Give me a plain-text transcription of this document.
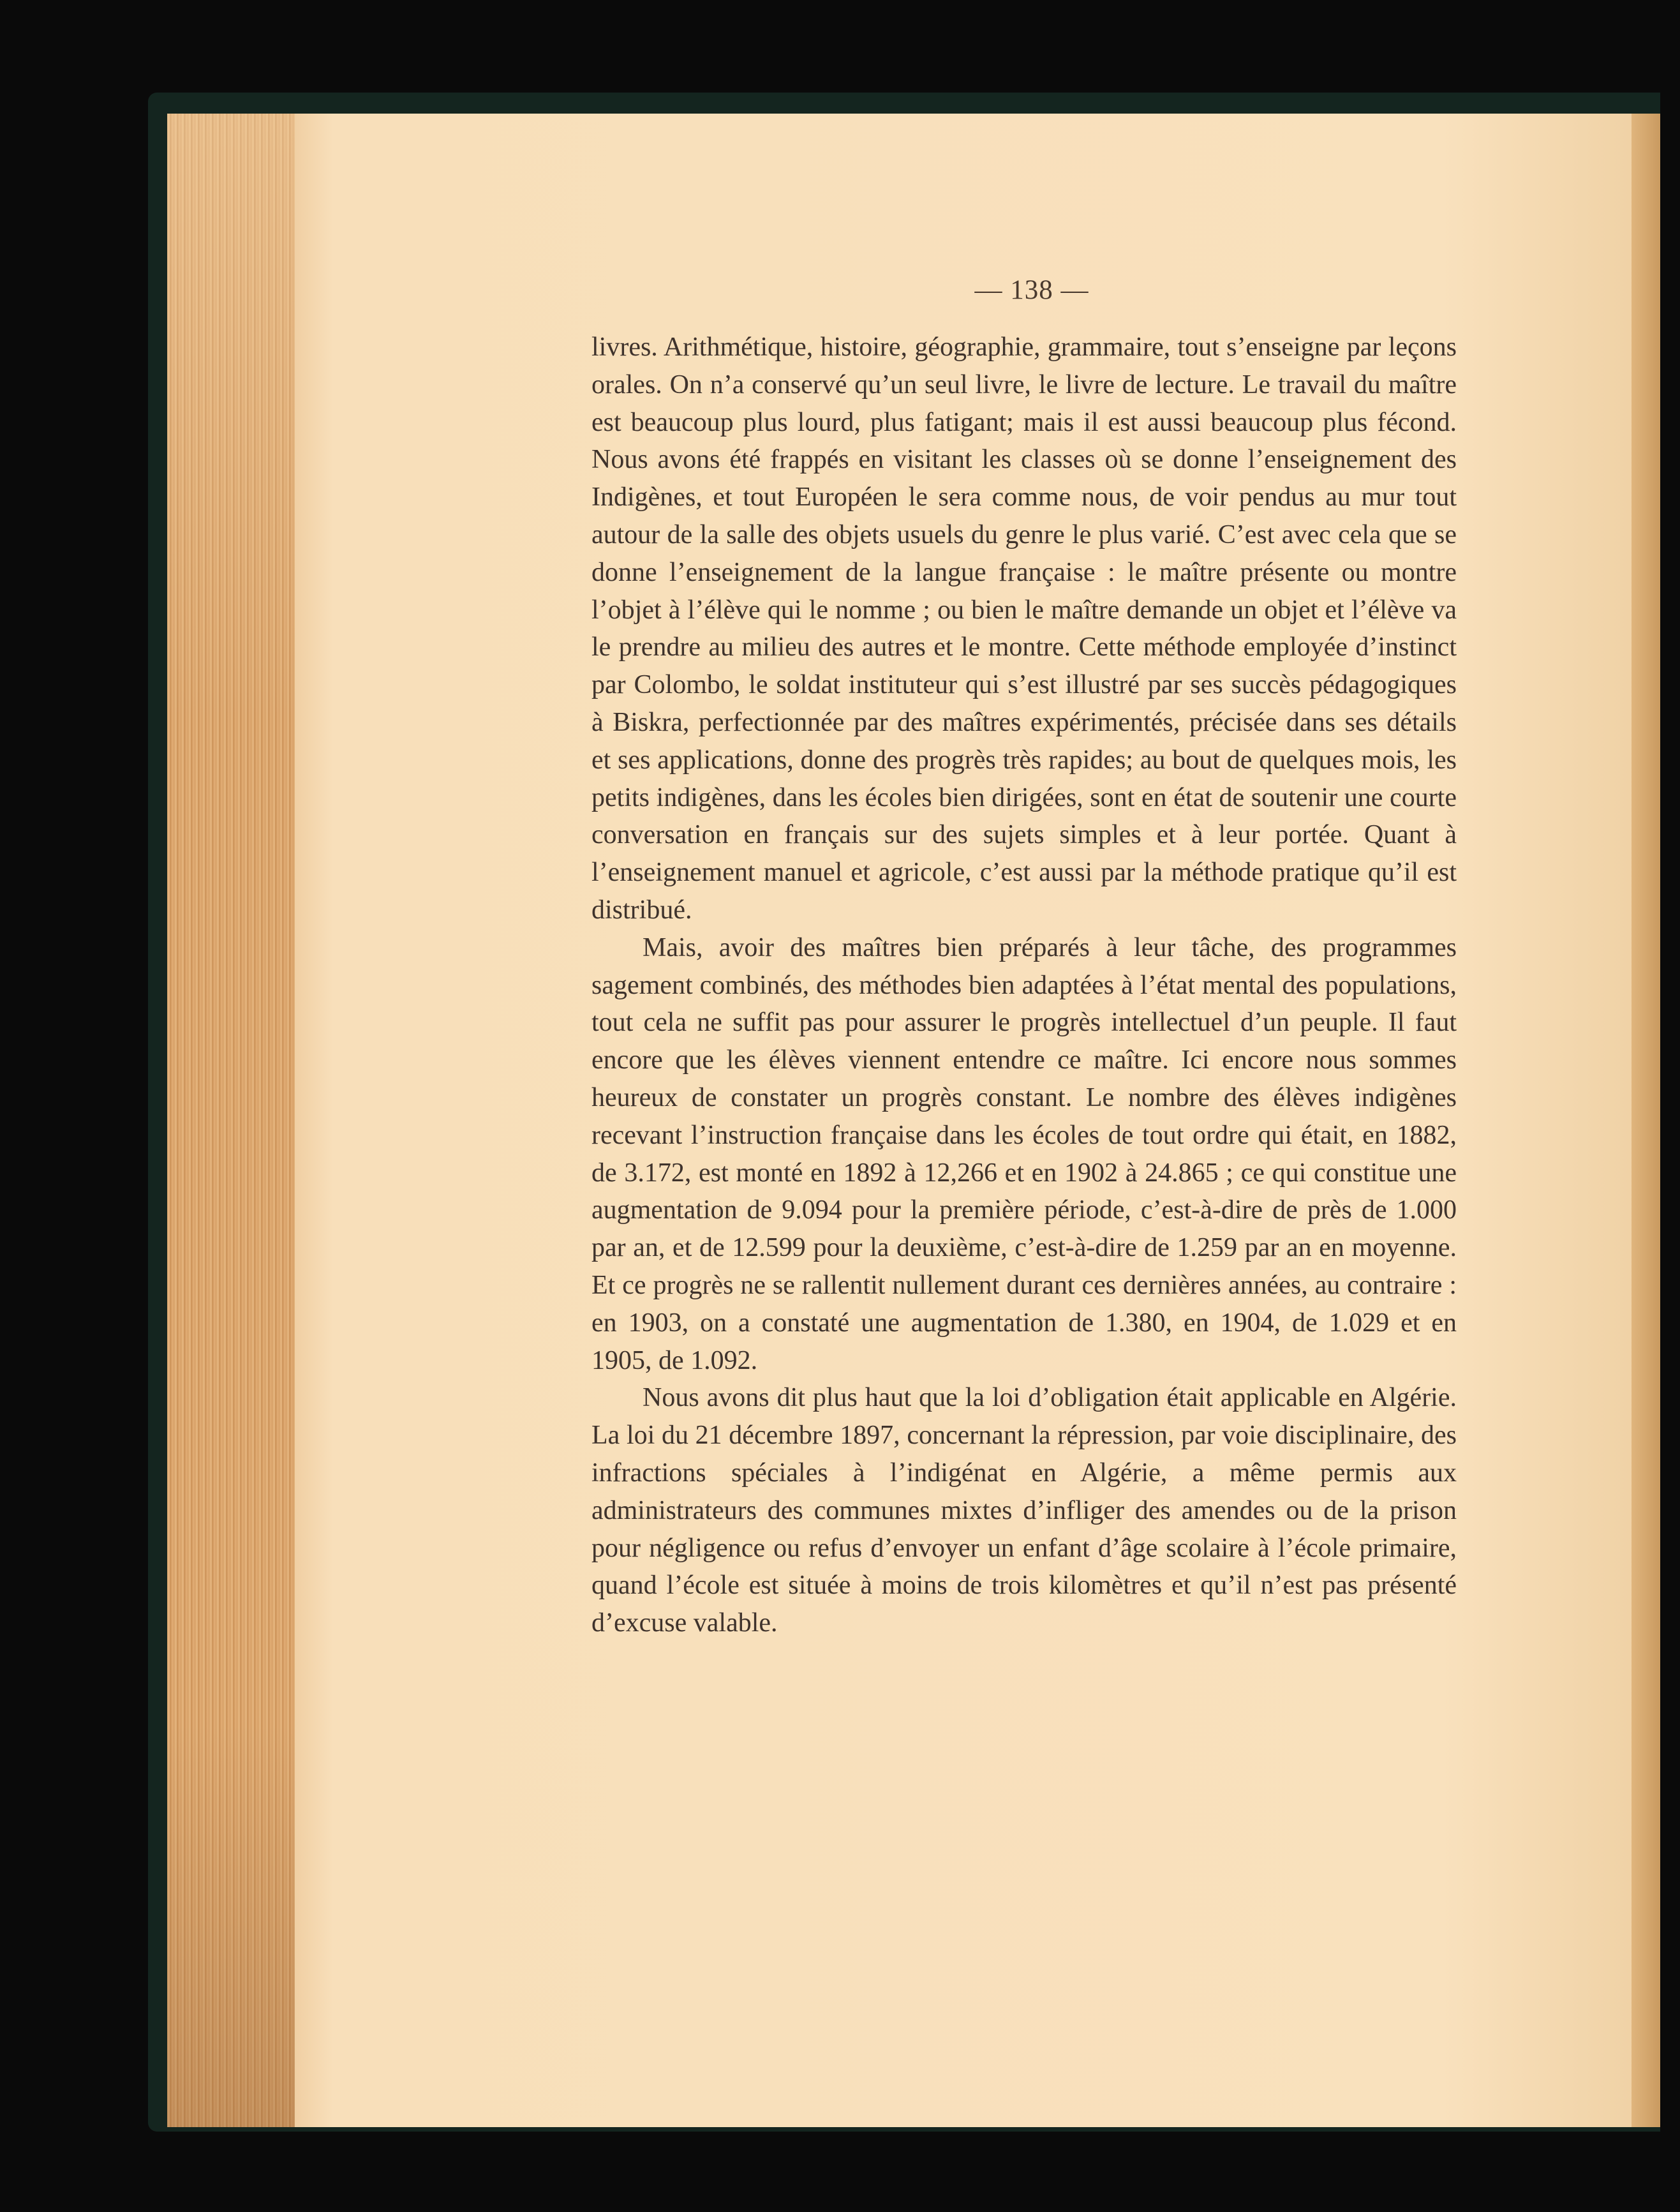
— 138 —

livres. Arithmétique, histoire, géographie, grammaire, tout s’enseigne par leçons orales. On n’a conservé qu’un seul livre, le livre de lecture. Le travail du maître est beaucoup plus lourd, plus fatigant; mais il est aussi beaucoup plus fécond. Nous avons été frappés en visitant les classes où se donne l’enseignement des Indigènes, et tout Européen le sera comme nous, de voir pendus au mur tout autour de la salle des objets usuels du genre le plus varié. C’est avec cela que se donne l’enseignement de la langue française : le maître présente ou montre l’objet à l’élève qui le nomme ; ou bien le maître demande un objet et l’élève va le prendre au milieu des autres et le montre. Cette méthode employée d’instinct par Colombo, le soldat instituteur qui s’est illustré par ses succès pédagogiques à Biskra, perfectionnée par des maîtres expérimentés, précisée dans ses détails et ses applications, donne des progrès très rapides; au bout de quelques mois, les petits indigènes, dans les écoles bien dirigées, sont en état de soutenir une courte conversation en français sur des sujets simples et à leur portée. Quant à l’enseignement manuel et agricole, c’est aussi par la méthode pratique qu’il est distribué.

Mais, avoir des maîtres bien préparés à leur tâche, des programmes sagement combinés, des méthodes bien adaptées à l’état mental des populations, tout cela ne suffit pas pour assurer le progrès intellectuel d’un peuple. Il faut encore que les élèves viennent entendre ce maître. Ici encore nous sommes heureux de constater un progrès constant. Le nombre des élèves indigènes recevant l’instruction française dans les écoles de tout ordre qui était, en 1882, de 3.172, est monté en 1892 à 12,266 et en 1902 à 24.865 ; ce qui constitue une augmentation de 9.094 pour la première période, c’est-à-dire de près de 1.000 par an, et de 12.599 pour la deuxième, c’est-à-dire de 1.259 par an en moyenne. Et ce progrès ne se rallentit nullement durant ces dernières années, au contraire : en 1903, on a constaté une augmentation de 1.380, en 1904, de 1.029 et en 1905, de 1.092.

Nous avons dit plus haut que la loi d’obligation était applicable en Algérie. La loi du 21 décembre 1897, concernant la répression, par voie disciplinaire, des infractions spéciales à l’indigénat en Algérie, a même permis aux administrateurs des communes mixtes d’infliger des amendes ou de la prison pour négligence ou refus d’envoyer un enfant d’âge scolaire à l’école primaire, quand l’école est située à moins de trois kilomètres et qu’il n’est pas présenté d’excuse valable.
